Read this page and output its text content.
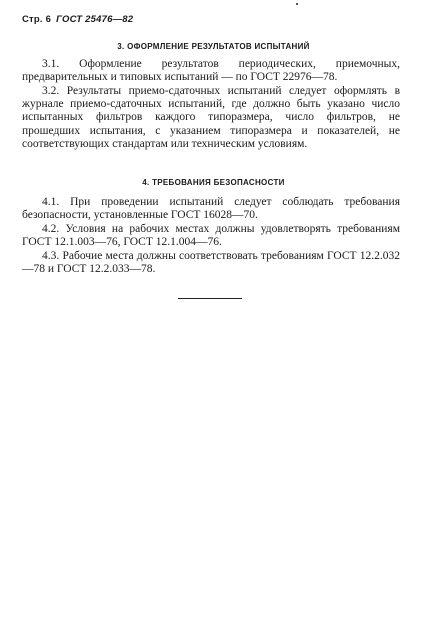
Стр. 6 ГОСТ 25476—82
3. ОФОРМЛЕНИЕ РЕЗУЛЬТАТОВ ИСПЫТАНИЙ

3.1. Оформление результатов периодических, приемочных, предварительных и типовых испытаний — по ГОСТ 22976—78.

3.2. Результаты приемо-сдаточных испытаний следует оформлять в журнале приемо-сдаточных испытаний, где должно быть указано число испытанных фильтров каждого типоразмера, число фильтров, не прошедших испытания, с указанием типоразмера и показателей, не соответствующих стандартам или техническим условиям.

4. ТРЕБОВАНИЯ БЕЗОПАСНОСТИ

4.1. При проведении испытаний следует соблюдать требования безопасности, установленные ГОСТ 16028—70.

4.2. Условия на рабочих местах должны удовлетворять требованиям ГОСТ 12.1.003—76, ГОСТ 12.1.004—76.

4.3. Рабочие места должны соответствовать требованиям ГОСТ 12.2.032—78 и ГОСТ 12.2.033—78.
